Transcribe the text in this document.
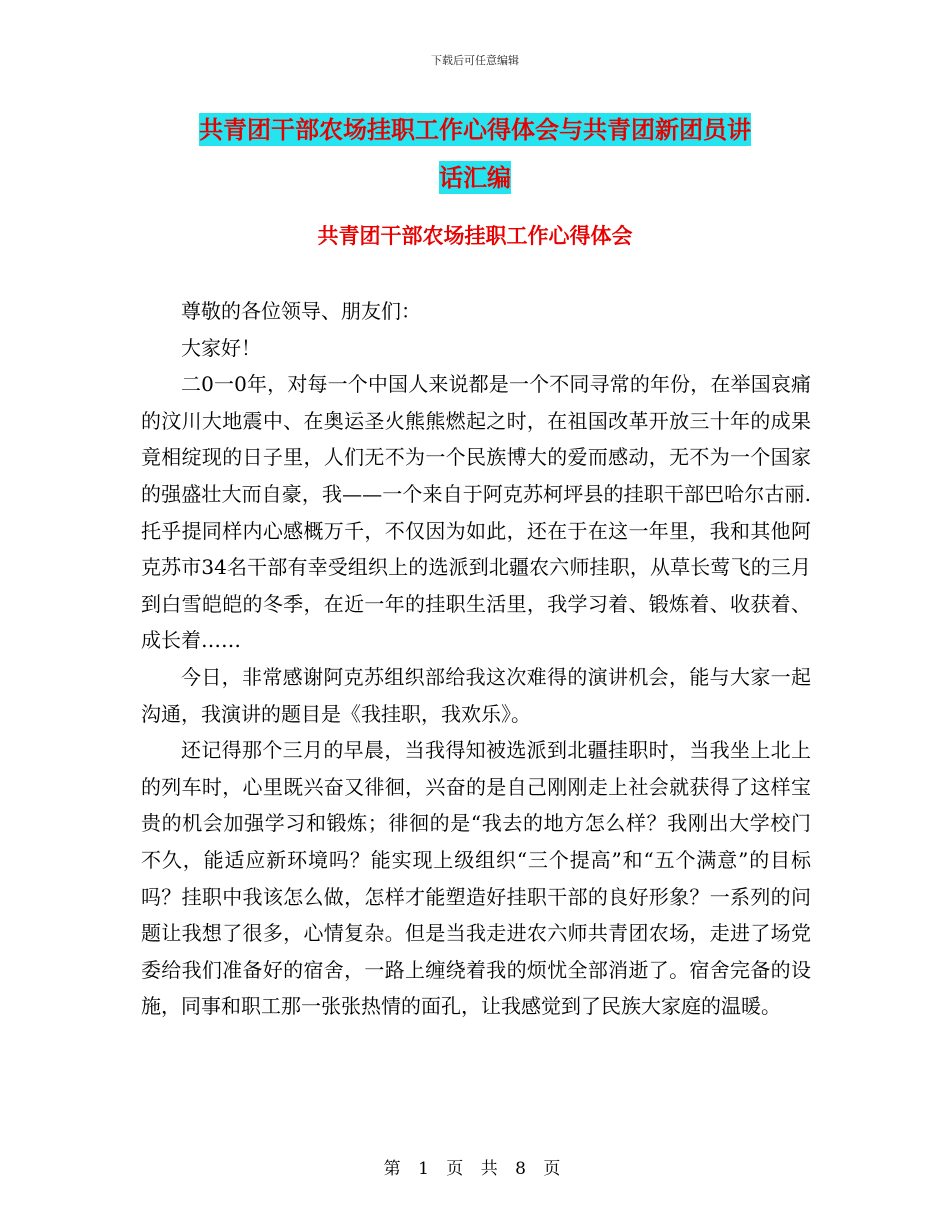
下载后可任意编辑
共青团干部农场挂职工作心得体会与共青团新团员讲
话汇编
共青团干部农场挂职工作心得体会

尊敬的各位领导、朋友们：

大家好！

二0一0年，对每一个中国人来说都是一个不同寻常的年份，在举国哀痛的汶川大地震中、在奥运圣火熊熊燃起之时，在祖国改革开放三十年的成果竟相绽现的日子里，人们无不为一个民族博大的爱而感动，无不为一个国家的强盛壮大而自豪，我——一个来自于阿克苏柯坪县的挂职干部巴哈尔古丽.托乎提同样内心感概万千，不仅因为如此，还在于在这一年里，我和其他阿克苏市34名干部有幸受组织上的选派到北疆农六师挂职，从草长莺飞的三月到白雪皑皑的冬季，在近一年的挂职生活里，我学习着、锻炼着、收获着、成长着……

今日，非常感谢阿克苏组织部给我这次难得的演讲机会，能与大家一起沟通，我演讲的题目是《我挂职，我欢乐》。

还记得那个三月的早晨，当我得知被选派到北疆挂职时，当我坐上北上的列车时，心里既兴奋又徘徊，兴奋的是自己刚刚走上社会就获得了这样宝贵的机会加强学习和锻炼；徘徊的是“我去的地方怎么样？我刚出大学校门不久，能适应新环境吗？能实现上级组织“三个提高”和“五个满意”的目标吗？挂职中我该怎么做，怎样才能塑造好挂职干部的良好形象？一系列的问题让我想了很多，心情复杂。但是当我走进农六师共青团农场，走进了场党委给我们准备好的宿舍，一路上缠绕着我的烦忧全部消逝了。宿舍完备的设施，同事和职工那一张张热情的面孔，让我感觉到了民族大家庭的温暖。

第 1 页 共 8 页
